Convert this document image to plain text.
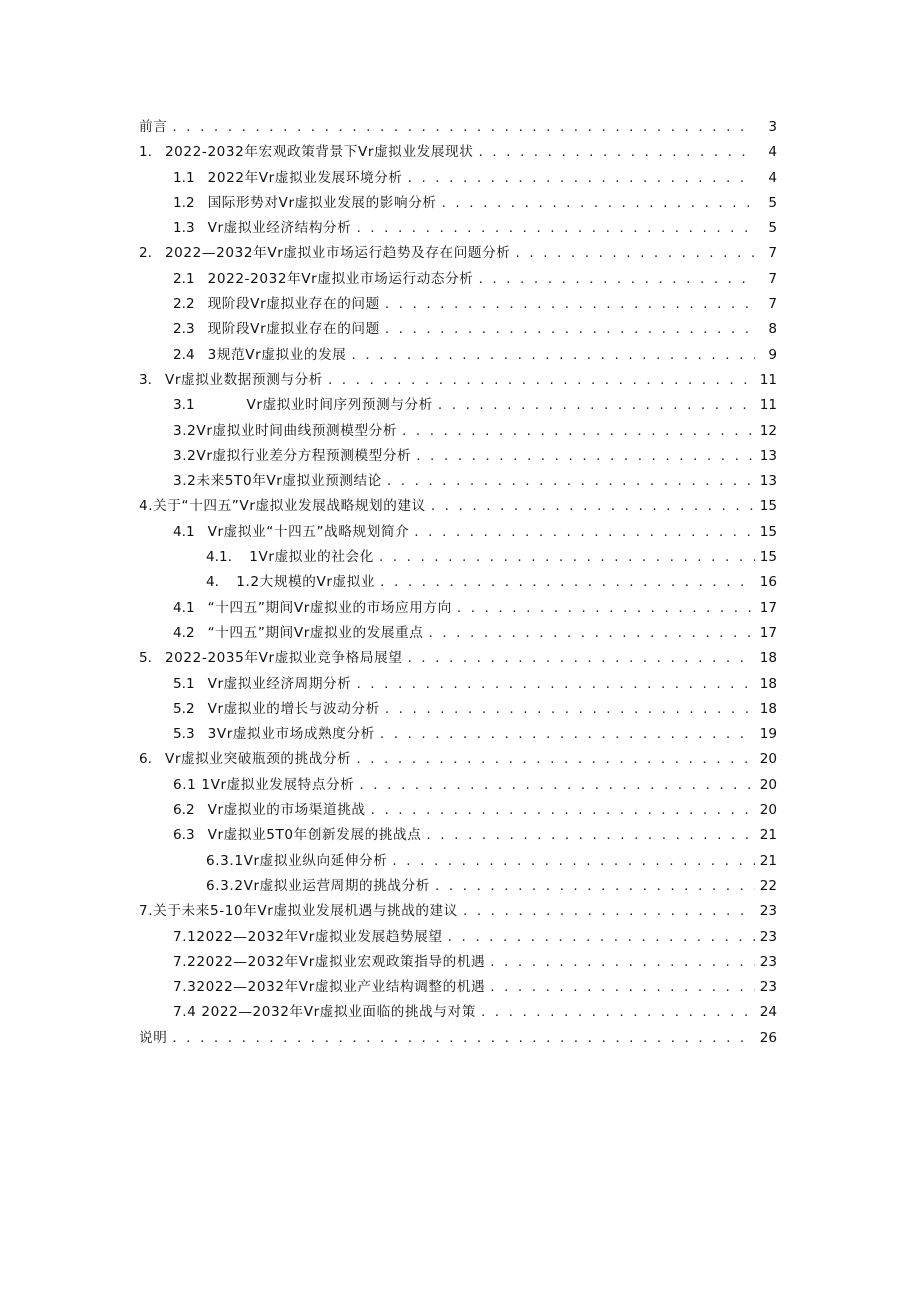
前言 . . .	3
1. 2022-2032年宏观政策背景下Vr虚拟业发展现状 . . .	4
1.1 2022年Vr虚拟业发展环境分析 . . .	4
1.2 国际形势对Vr虚拟业发展的影响分析 . . .	5
1.3 Vr虚拟业经济结构分析 . . .	5
2. 2022—2032年Vr虚拟业市场运行趋势及存在问题分析 . . .	7
2.1 2022-2032年Vr虚拟业市场运行动态分析 . . .	7
2.2 现阶段Vr虚拟业存在的问题 . . .	7
2.3 现阶段Vr虚拟业存在的问题 . . .	8
2.4 3规范Vr虚拟业的发展 . . .	9
3. Vr虚拟业数据预测与分析 . . .	11
3.1 Vr虚拟业时间序列预测与分析 . . .	11
3.2Vr虚拟业时间曲线预测模型分析 . . .	12
3.2Vr虚拟行业差分方程预测模型分析 . . .	13
3.2未来5T0年Vr虚拟业预测结论 . . .	13
4.关于“十四五”Vr虚拟业发展战略规划的建议 . . .	15
4.1 Vr虚拟业“十四五”战略规划简介 . . .	15
4.1. 1Vr虚拟业的社会化 . . .	15
4. 1.2大规模的Vr虚拟业 . . .	16
4.1 “十四五”期间Vr虚拟业的市场应用方向 . . .	17
4.2 “十四五”期间Vr虚拟业的发展重点 . . .	17
5. 2022-2035年Vr虚拟业竞争格局展望 . . .	18
5.1 Vr虚拟业经济周期分析 . . .	18
5.2 Vr虚拟业的增长与波动分析 . . .	18
5.3 3Vr虚拟业市场成熟度分析 . . .	19
6. Vr虚拟业突破瓶颈的挑战分析 . . .	20
6.1 1Vr虚拟业发展特点分析 . . .	20
6.2 Vr虚拟业的市场渠道挑战 . . .	20
6.3 Vr虚拟业5T0年创新发展的挑战点 . . .	21
6.3.1Vr虚拟业纵向延伸分析 . . .	21
6.3.2Vr虚拟业运营周期的挑战分析 . . .	22
7.关于未来5-10年Vr虚拟业发展机遇与挑战的建议 . . .	23
7.12022—2032年Vr虚拟业发展趋势展望 . . .	23
7.22022—2032年Vr虚拟业宏观政策指导的机遇 . . .	23
7.32022—2032年Vr虚拟业产业结构调整的机遇 . . .	23
7.4 2022—2032年Vr虚拟业面临的挑战与对策 . . .	24
说明 . . .	26
